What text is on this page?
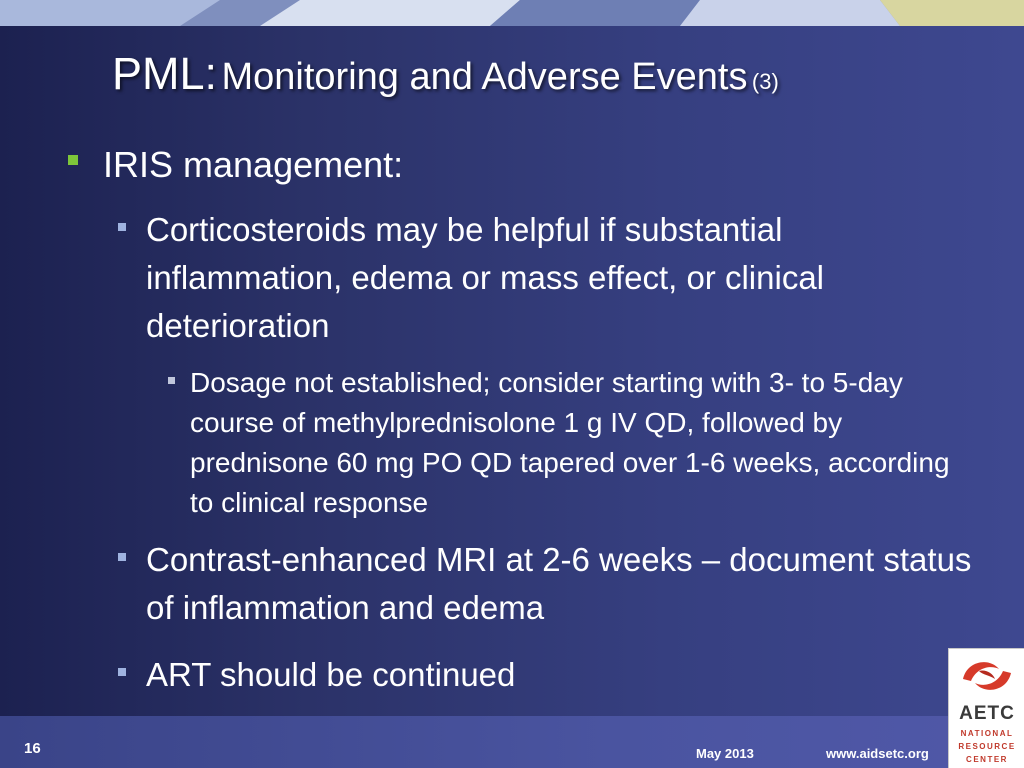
PML: Monitoring and Adverse Events (3)
IRIS management:
Corticosteroids may be helpful if substantial inflammation, edema or mass effect, or clinical deterioration
Dosage not established; consider starting with 3- to 5-day course of methylprednisolone 1 g IV QD, followed by prednisone 60 mg PO QD tapered over 1-6 weeks, according to clinical response
Contrast-enhanced MRI at 2-6 weeks – document status of inflammation and edema
ART should be continued
16	May 2013	www.aidsetc.org
AETC
NATIONAL
RESOURCE
CENTER
